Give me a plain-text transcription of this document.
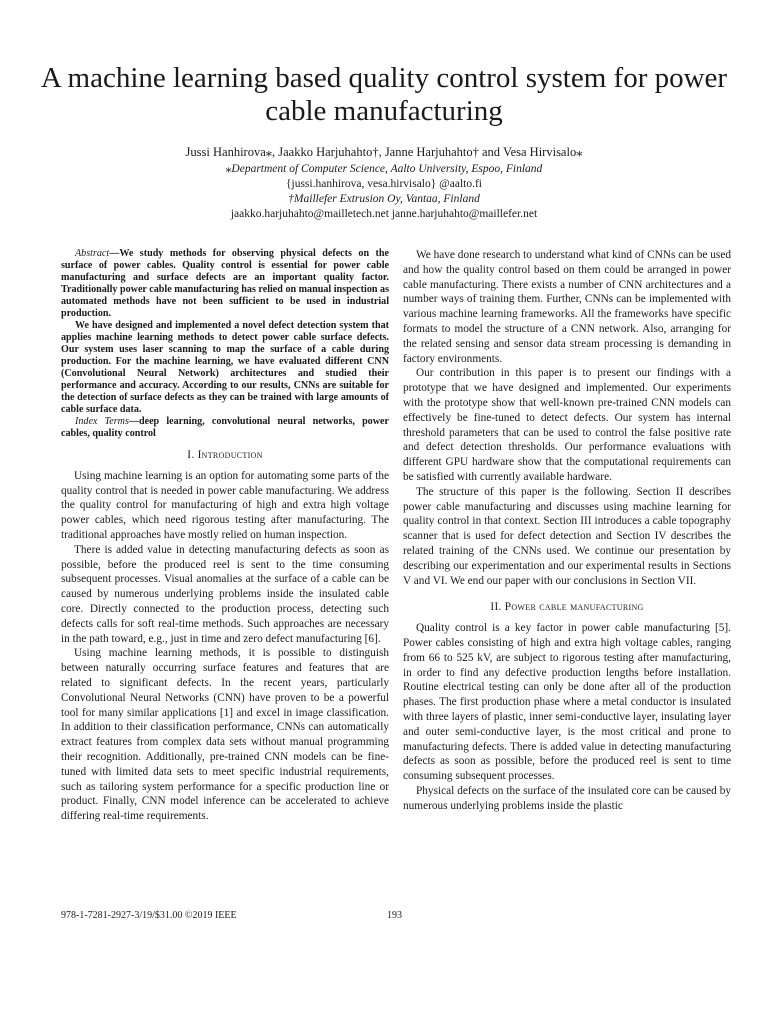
A machine learning based quality control system for power cable manufacturing
Jussi Hanhirova⁎, Jaakko Harjuhahto†, Janne Harjuhahto† and Vesa Hirvisalo⁎
⁎Department of Computer Science, Aalto University, Espoo, Finland
{jussi.hanhirova, vesa.hirvisalo} @aalto.fi
†Maillefer Extrusion Oy, Vantaa, Finland
jaakko.harjuhahto@mailletech.net janne.harjuhahto@maillefer.net

Abstract—We study methods for observing physical defects on the surface of power cables. Quality control is essential for power cable manufacturing and surface defects are an important quality factor. Traditionally power cable manufacturing has relied on manual inspection as automated methods have not been sufficient to be used in industrial production.

We have designed and implemented a novel defect detection system that applies machine learning methods to detect power cable surface defects. Our system uses laser scanning to map the surface of a cable during production. For the machine learning, we have evaluated different CNN (Convolutional Neural Network) architectures and studied their performance and accuracy. According to our results, CNNs are suitable for the detection of surface defects as they can be trained with large amounts of cable surface data.

Index Terms—deep learning, convolutional neural networks, power cables, quality control

I. Introduction

Using machine learning is an option for automating some parts of the quality control that is needed in power cable manufacturing. We address the quality control for manufacturing of high and extra high voltage power cables, which need rigorous testing after manufacturing. The traditional approaches have mostly relied on human inspection.

There is added value in detecting manufacturing defects as soon as possible, before the produced reel is sent to the time consuming subsequent processes. Visual anomalies at the surface of a cable can be caused by numerous underlying problems inside the insulated cable core. Directly connected to the production process, detecting such defects calls for soft real-time methods. Such approaches are necessary in the path toward, e.g., just in time and zero defect manufacturing [6].

Using machine learning methods, it is possible to distinguish between naturally occurring surface features and features that are related to significant defects. In the recent years, particularly Convolutional Neural Networks (CNN) have proven to be a powerful tool for many similar applications [1] and excel in image classification. In addition to their classification performance, CNNs can automatically extract features from complex data sets without manual programming their recognition. Additionally, pre-trained CNN models can be fine-tuned with limited data sets to meet specific industrial requirements, such as tailoring system performance for a specific production line or product. Finally, CNN model inference can be accelerated to achieve differing real-time requirements.

We have done research to understand what kind of CNNs can be used and how the quality control based on them could be arranged in power cable manufacturing. There exists a number of CNN architectures and a number ways of training them. Further, CNNs can be implemented with various machine learning frameworks. All the frameworks have specific formats to model the structure of a CNN network. Also, arranging for the related sensing and sensor data stream processing is demanding in factory environments.

Our contribution in this paper is to present our findings with a prototype that we have designed and implemented. Our experiments with the prototype show that well-known pre-trained CNN models can effectively be fine-tuned to detect defects. Our system has internal threshold parameters that can be used to control the false positive rate and defect detection thresholds. Our performance evaluations with different GPU hardware show that the computational requirements can be satisfied with currently available hardware.

The structure of this paper is the following. Section II describes power cable manufacturing and discusses using machine learning for quality control in that context. Section III introduces a cable topography scanner that is used for defect detection and Section IV describes the related training of the CNNs used. We continue our presentation by describing our experimentation and our experimental results in Sections V and VI. We end our paper with our conclusions in Section VII.

II. Power cable manufacturing

Quality control is a key factor in power cable manufacturing [5]. Power cables consisting of high and extra high voltage cables, ranging from 66 to 525 kV, are subject to rigorous testing after manufacturing, in order to find any defective production lengths before installation. Routine electrical testing can only be done after all of the production phases. The first production phase where a metal conductor is insulated with three layers of plastic, inner semi-conductive layer, insulating layer and outer semi-conductive layer, is the most critical and prone to manufacturing defects. There is added value in detecting manufacturing defects as soon as possible, before the produced reel is sent to time consuming subsequent processes.

Physical defects on the surface of the insulated core can be caused by numerous underlying problems inside the plastic

978-1-7281-2927-3/19/$31.00 ©2019 IEEE	193
